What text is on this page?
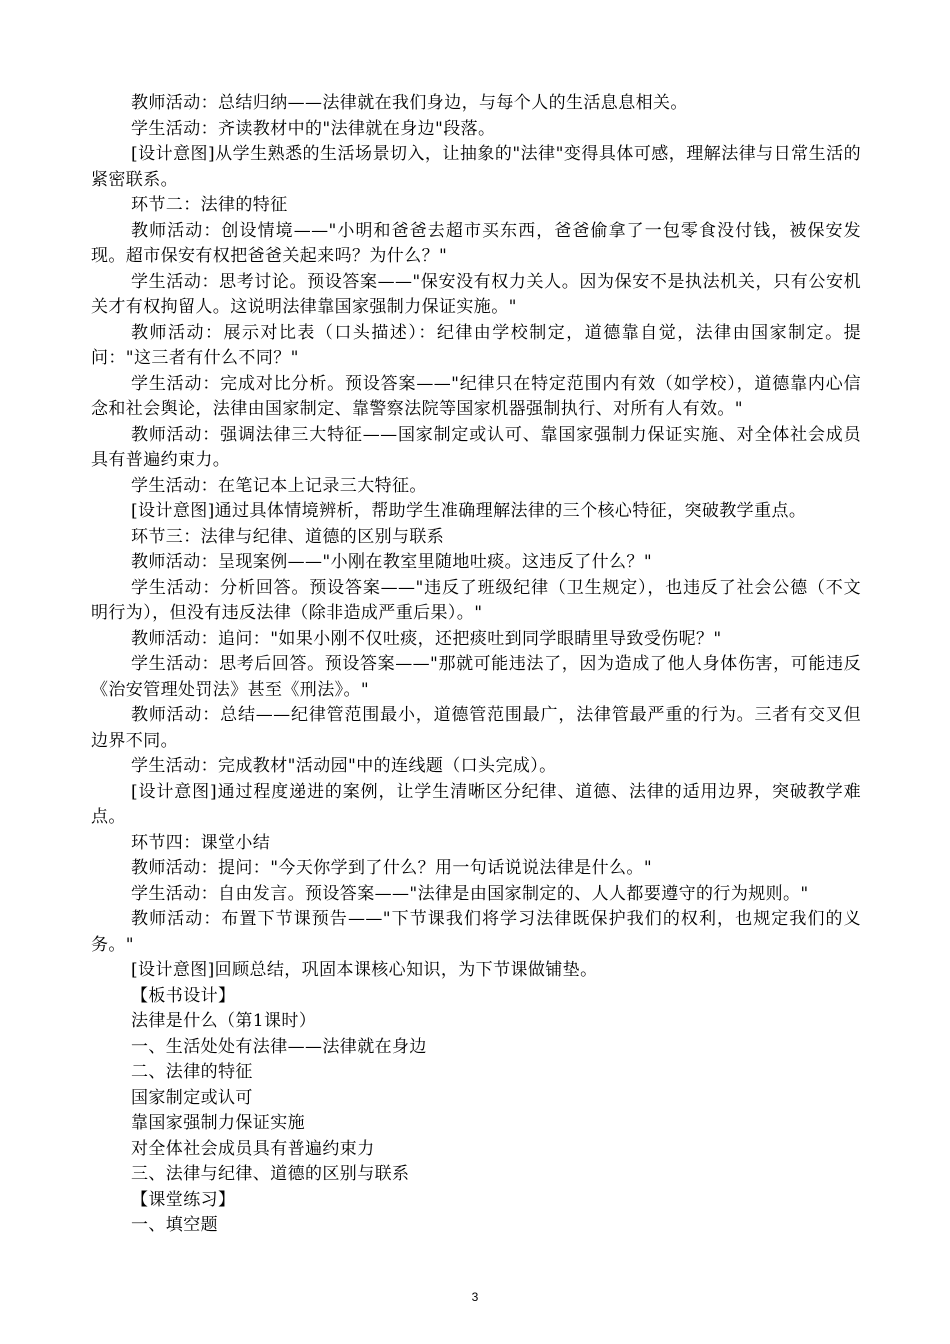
教师活动：总结归纳——法律就在我们身边，与每个人的生活息息相关。

学生活动：齐读教材中的"法律就在身边"段落。

[设计意图]从学生熟悉的生活场景切入，让抽象的"法律"变得具体可感，理解法律与日常生活的紧密联系。

环节二：法律的特征

教师活动：创设情境——"小明和爸爸去超市买东西，爸爸偷拿了一包零食没付钱，被保安发现。超市保安有权把爸爸关起来吗？为什么？"

学生活动：思考讨论。预设答案——"保安没有权力关人。因为保安不是执法机关，只有公安机关才有权拘留人。这说明法律靠国家强制力保证实施。"

教师活动：展示对比表（口头描述）：纪律由学校制定，道德靠自觉，法律由国家制定。提问："这三者有什么不同？"

学生活动：完成对比分析。预设答案——"纪律只在特定范围内有效（如学校），道德靠内心信念和社会舆论，法律由国家制定、靠警察法院等国家机器强制执行、对所有人有效。"

教师活动：强调法律三大特征——国家制定或认可、靠国家强制力保证实施、对全体社会成员具有普遍约束力。

学生活动：在笔记本上记录三大特征。

[设计意图]通过具体情境辨析，帮助学生准确理解法律的三个核心特征，突破教学重点。

环节三：法律与纪律、道德的区别与联系

教师活动：呈现案例——"小刚在教室里随地吐痰。这违反了什么？"

学生活动：分析回答。预设答案——"违反了班级纪律（卫生规定），也违反了社会公德（不文明行为），但没有违反法律（除非造成严重后果）。"

教师活动：追问："如果小刚不仅吐痰，还把痰吐到同学眼睛里导致受伤呢？"

学生活动：思考后回答。预设答案——"那就可能违法了，因为造成了他人身体伤害，可能违反《治安管理处罚法》甚至《刑法》。"

教师活动：总结——纪律管范围最小，道德管范围最广，法律管最严重的行为。三者有交叉但边界不同。

学生活动：完成教材"活动园"中的连线题（口头完成）。

[设计意图]通过程度递进的案例，让学生清晰区分纪律、道德、法律的适用边界，突破教学难点。

环节四：课堂小结

教师活动：提问："今天你学到了什么？用一句话说说法律是什么。"

学生活动：自由发言。预设答案——"法律是由国家制定的、人人都要遵守的行为规则。"

教师活动：布置下节课预告——"下节课我们将学习法律既保护我们的权利，也规定我们的义务。"

[设计意图]回顾总结，巩固本课核心知识，为下节课做铺垫。

【板书设计】

法律是什么（第1课时）

一、生活处处有法律——法律就在身边

二、法律的特征

国家制定或认可

靠国家强制力保证实施

对全体社会成员具有普遍约束力

三、法律与纪律、道德的区别与联系

【课堂练习】

一、填空题

3
